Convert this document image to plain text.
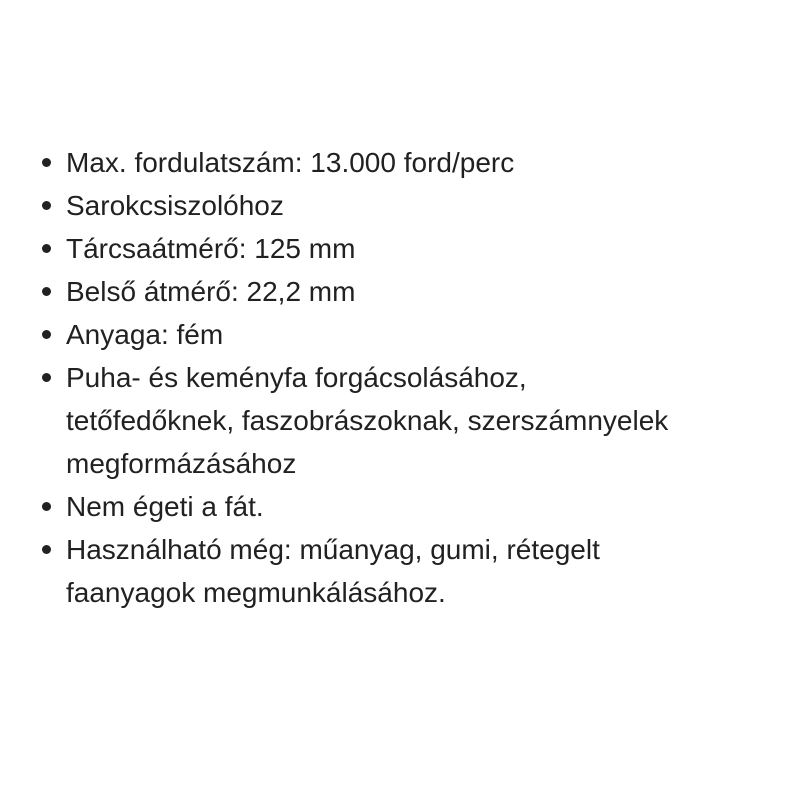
Max. fordulatszám: 13.000 ford/perc
Sarokcsiszolóhoz
Tárcsaátmérő: 125 mm
Belső átmérő: 22,2 mm
Anyaga: fém
Puha- és keményfa forgácsolásához, tetőfedőknek, faszobrászoknak, szerszámnyelek megformázásához
Nem égeti a fát.
Használható még: műanyag, gumi, rétegelt faanyagok megmunkálásához.
